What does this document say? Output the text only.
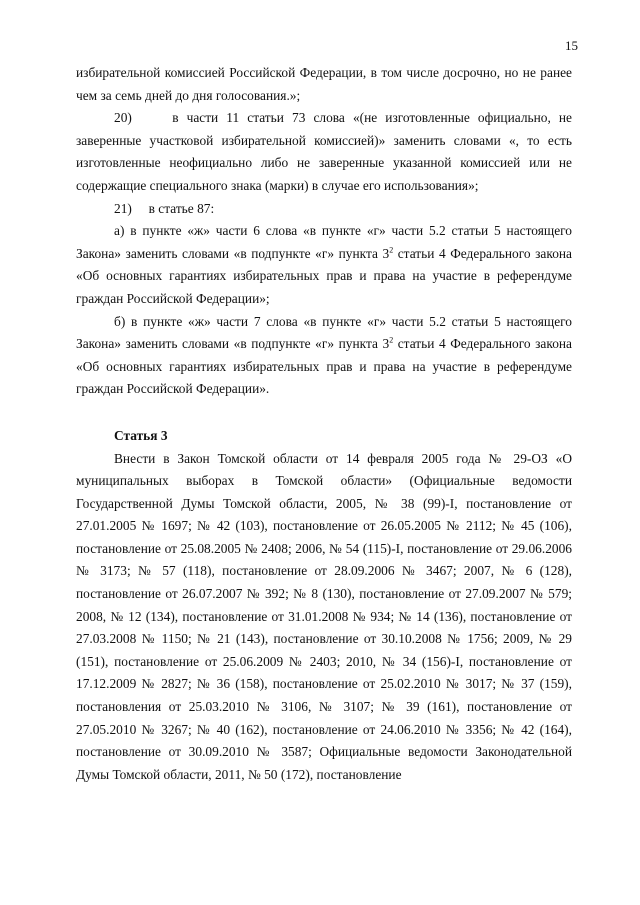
15

избирательной комиссией Российской Федерации, в том числе досрочно, но не ранее чем за семь дней до дня голосования.»;

20)     в части 11 статьи 73 слова «(не изготовленные официально, не заверенные участковой избирательной комиссией)» заменить словами «, то есть изготовленные неофициально либо не заверенные указанной комиссией или не содержащие специального знака (марки) в случае его использования»;

21)     в статье 87:

а) в пункте «ж» части 6 слова «в пункте «г» части 5.2 статьи 5 настоящего Закона» заменить словами «в подпункте «г» пункта $3^2$ статьи 4 Федерального закона «Об основных гарантиях избирательных прав и права на участие в референдуме граждан Российской Федерации»;

б) в пункте «ж» части 7 слова «в пункте «г» части 5.2 статьи 5 настоящего Закона» заменить словами «в подпункте «г» пункта $3^2$ статьи 4 Федерального закона «Об основных гарантиях избирательных прав и права на участие в референдуме граждан Российской Федерации».

Статья 3

Внести в Закон Томской области от 14 февраля 2005 года № 29-ОЗ «О муниципальных выборах в Томской области» (Официальные ведомости Государственной Думы Томской области, 2005, № 38 (99)-I, постановление от 27.01.2005 № 1697; № 42 (103), постановление от 26.05.2005 № 2112; № 45 (106), постановление от 25.08.2005 № 2408; 2006, № 54 (115)-I, постановление от 29.06.2006 № 3173; № 57 (118), постановление от 28.09.2006 № 3467; 2007, № 6 (128), постановление от 26.07.2007 № 392; № 8 (130), постановление от 27.09.2007 № 579; 2008, № 12 (134), постановление от 31.01.2008 № 934; № 14 (136), постановление от 27.03.2008 № 1150; № 21 (143), постановление от 30.10.2008 № 1756; 2009, № 29 (151), постановление от 25.06.2009 № 2403; 2010, № 34 (156)-I, постановление от 17.12.2009 № 2827; № 36 (158), постановление от 25.02.2010 № 3017; № 37 (159), постановления от 25.03.2010 № 3106, № 3107; № 39 (161), постановление от 27.05.2010 № 3267; № 40 (162), постановление от 24.06.2010 № 3356; № 42 (164), постановление от 30.09.2010 № 3587; Официальные ведомости Законодательной Думы Томской области, 2011, № 50 (172), постановление
